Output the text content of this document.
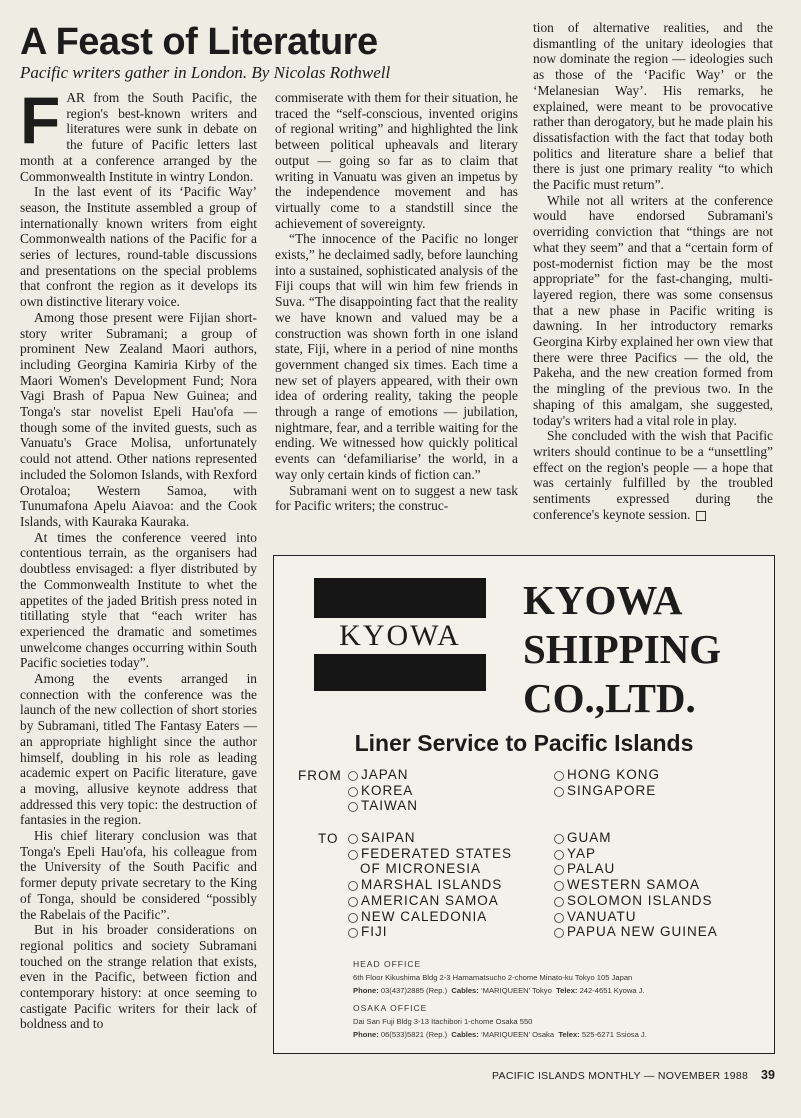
A Feast of Literature
Pacific writers gather in London. By Nicolas Rothwell

FAR from the South Pacific, the region's best-known writers and literatures were sunk in debate on the future of Pacific letters last month at a conference arranged by the Commonwealth Institute in wintry London.

In the last event of its ‘Pacific Way’ season, the Institute assembled a group of internationally known writers from eight Commonwealth nations of the Pacific for a series of lectures, round-table discussions and presentations on the special problems that confront the region as it develops its own distinctive literary voice.

Among those present were Fijian short-story writer Subramani; a group of prominent New Zealand Maori authors, including Georgina Kamiria Kirby of the Maori Women's Development Fund; Nora Vagi Brash of Papua New Guinea; and Tonga's star novelist Epeli Hau'ofa — though some of the invited guests, such as Vanuatu's Grace Molisa, unfortunately could not attend. Other nations represented included the Solomon Islands, with Rexford Orotaloa; Western Samoa, with Tunumafona Apelu Aiavoa: and the Cook Islands, with Kauraka Kauraka.

At times the conference veered into contentious terrain, as the organisers had doubtless envisaged: a flyer distributed by the Commonwealth Institute to whet the appetites of the jaded British press noted in titillating style that “each writer has experienced the dramatic and sometimes unwelcome changes occurring within South Pacific societies today”.

Among the events arranged in connection with the conference was the launch of the new collection of short stories by Subramani, titled The Fantasy Eaters — an appropriate highlight since the author himself, doubling in his role as leading academic expert on Pacific literature, gave a moving, allusive keynote address that addressed this very topic: the destruction of fantasies in the region.

His chief literary conclusion was that Tonga's Epeli Hau'ofa, his colleague from the University of the South Pacific and former deputy private secretary to the King of Tonga, should be considered “possibly the Rabelais of the Pacific”.

But in his broader considerations on regional politics and society Subramani touched on the strange relation that exists, even in the Pacific, between fiction and contemporary history: at once seeming to castigate Pacific writers for their lack of boldness and to

commiserate with them for their situation, he traced the “self-conscious, invented origins of regional writing” and highlighted the link between political upheavals and literary output — going so far as to claim that writing in Vanuatu was given an impetus by the independence movement and has virtually come to a standstill since the achievement of sovereignty.

“The innocence of the Pacific no longer exists,” he declaimed sadly, before launching into a sustained, sophisticated analysis of the Fiji coups that will win him few friends in Suva. “The disappointing fact that the reality we have known and valued may be a construction was shown forth in one island state, Fiji, where in a period of nine months government changed six times. Each time a new set of players appeared, with their own idea of ordering reality, taking the people through a range of emotions — jubilation, nightmare, fear, and a terrible waiting for the ending. We witnessed how quickly political events can ‘defamiliarise’ the world, in a way only certain kinds of fiction can.”

Subramani went on to suggest a new task for Pacific writers; the construc-

tion of alternative realities, and the dismantling of the unitary ideologies that now dominate the region — ideologies such as those of the ‘Pacific Way’ or the ‘Melanesian Way’. His remarks, he explained, were meant to be provocative rather than derogatory, but he made plain his dissatisfaction with the fact that today both politics and literature share a belief that there is just one primary reality “to which the Pacific must return”.

While not all writers at the conference would have endorsed Subramani's overriding conviction that “things are not what they seem” and that a “certain form of post-modernist fiction may be the most appropriate” for the fast-changing, multi-layered region, there was some consensus that a new phase in Pacific writing is dawning. In her introductory remarks Georgina Kirby explained her own view that there were three Pacifics — the old, the Pakeha, and the new creation formed from the mingling of the previous two. In the shaping of this amalgam, she suggested, today's writers had a vital role in play.

She concluded with the wish that Pacific writers should continue to be a “unsettling” effect on the region's people — a hope that was certainly fulfilled by the troubled sentiments expressed during the conference's keynote session.

KYOWA
KYOWA
SHIPPING
CO.,LTD.
Liner Service to Pacific Islands
FROM JAPAN
KOREA
TAIWAN
HONG KONG
SINGAPORE
TO SAIPAN
FEDERATED STATES
OF MICRONESIA
MARSHAL ISLANDS
AMERICAN SAMOA
NEW CALEDONIA
FIJI
GUAM
YAP
PALAU
WESTERN SAMOA
SOLOMON ISLANDS
VANUATU
PAPUA NEW GUINEA
HEAD OFFICE
6th Floor Kikushima Bldg 2-3 Hamamatsucho 2-chome Minato-ku Tokyo 105 Japan
Phone: 03(437)2885 (Rep.) Cables: ‘MARIQUEEN’ Tokyo Telex: 242-4651 Kyowa J.
OSAKA OFFICE
Dai San Fuji Bldg 3-13 Itachibori 1-chome Osaka 550
Phone: 06(533)5821 (Rep.) Cables: ‘MARIQUEEN’ Osaka Telex: 525-6271 Ssiosa J.
PACIFIC ISLANDS MONTHLY — NOVEMBER 1988 39
